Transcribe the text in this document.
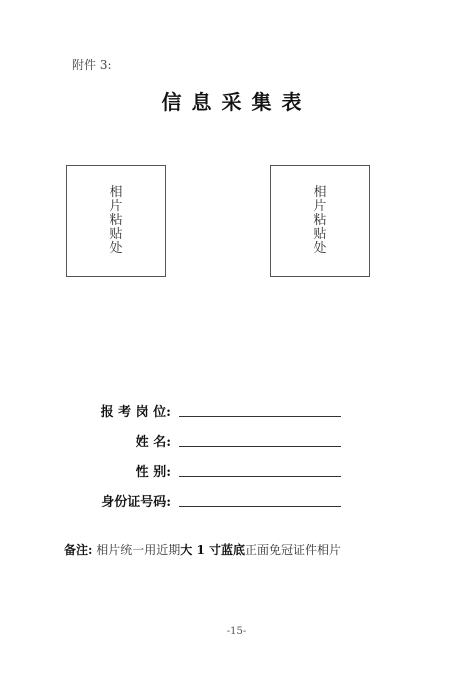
附件 3:
信息采集表
相片粘贴处
相片粘贴处
报 考 岗 位:
姓 名:
性 别:
身份证号码:
备注: 相片统一用近期大 1 寸蓝底正面免冠证件相片
-15-
